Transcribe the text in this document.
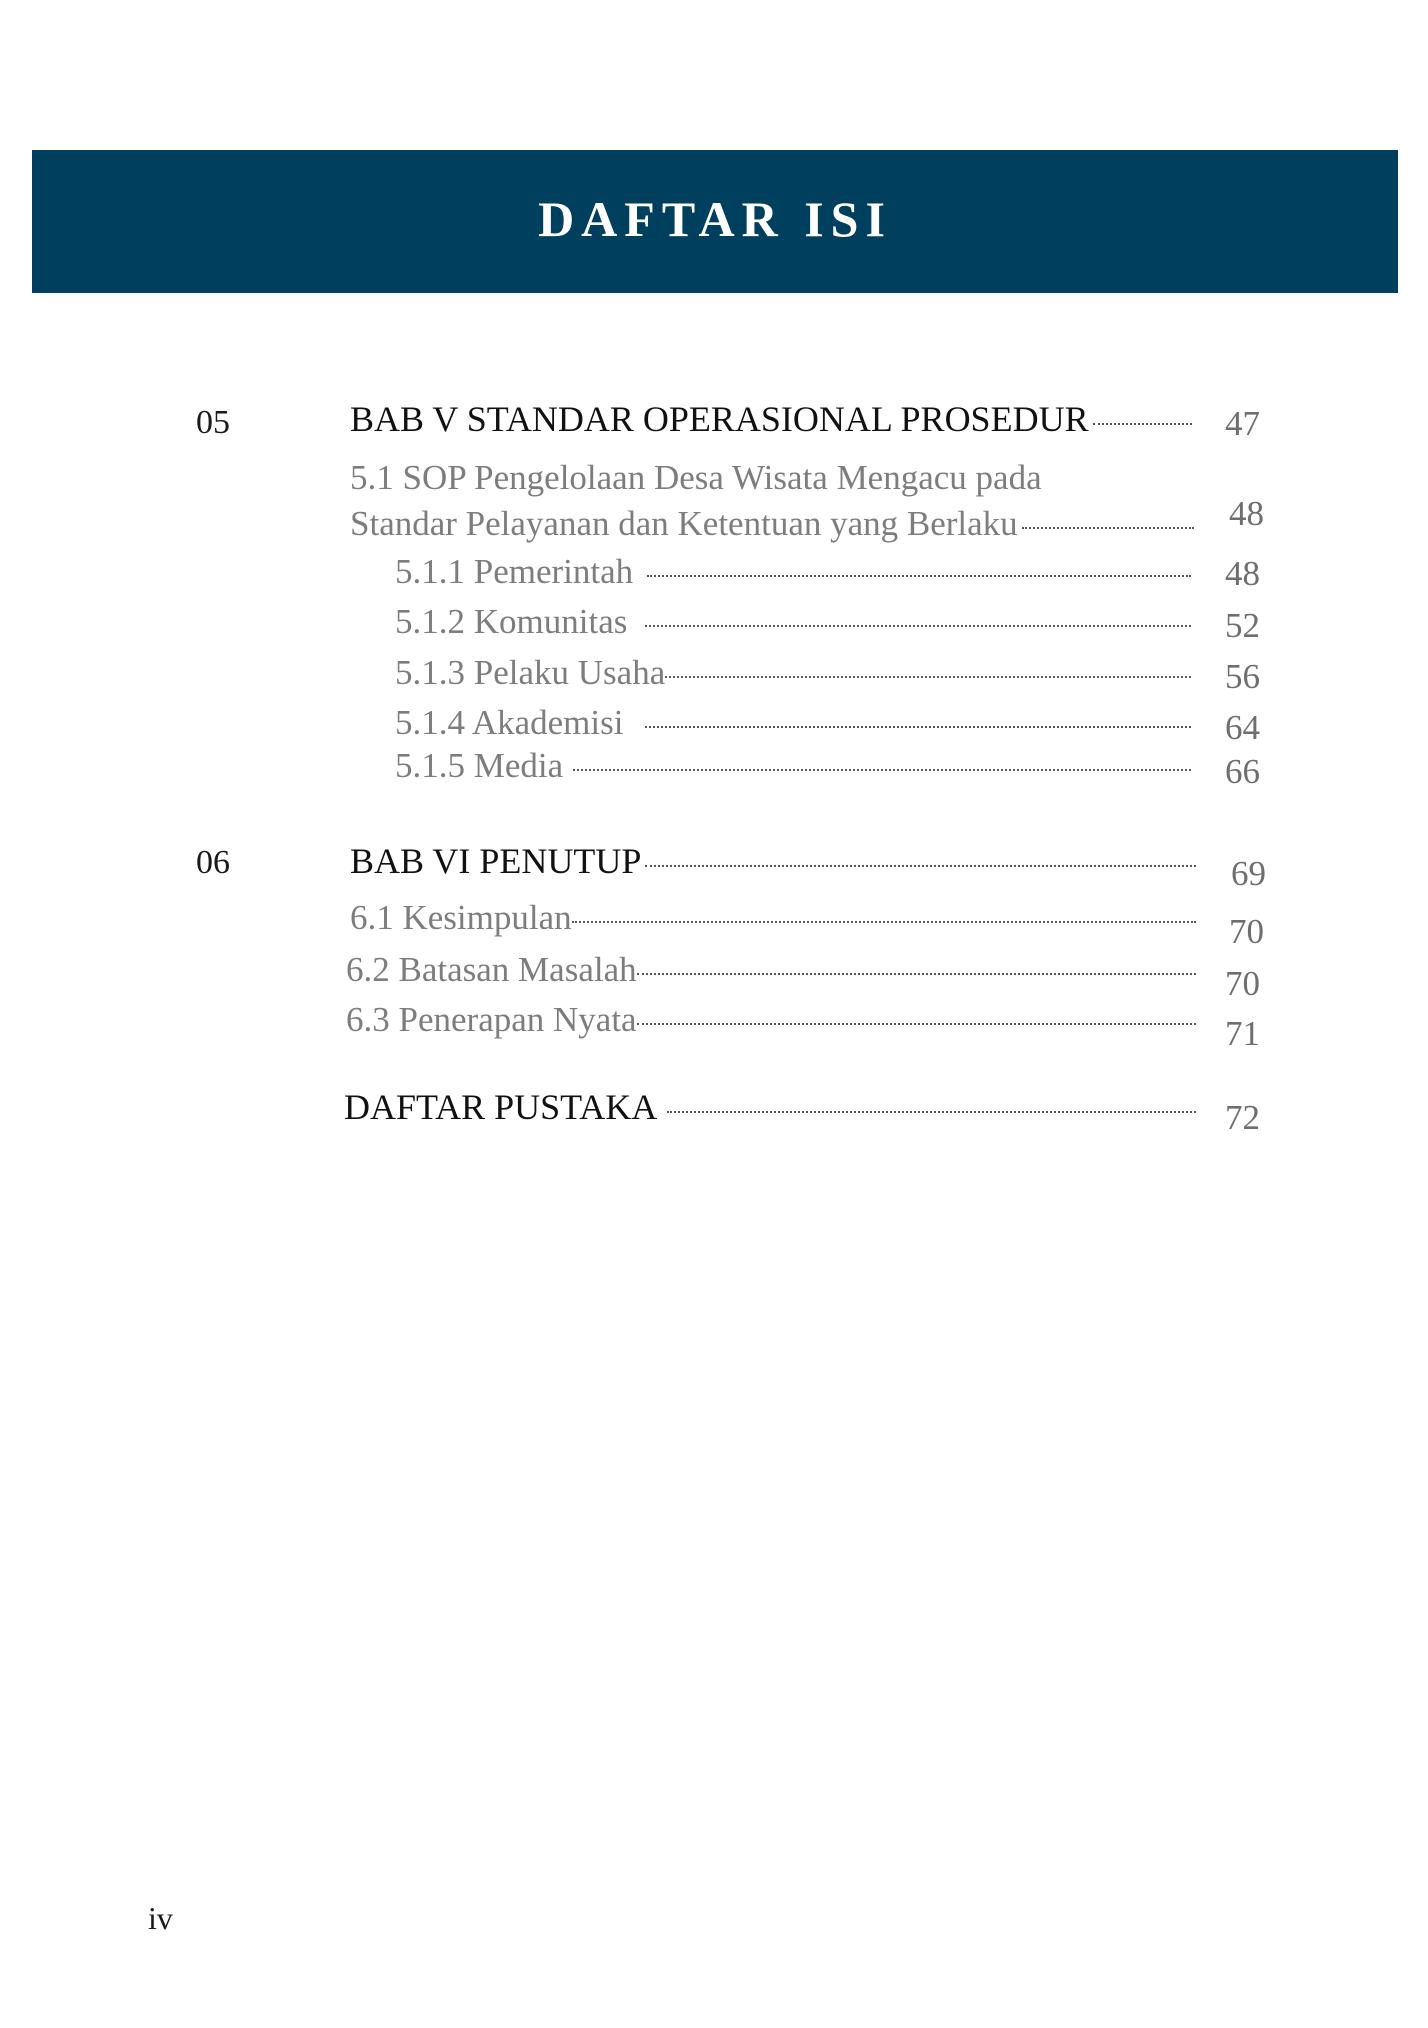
DAFTAR ISI
05	BAB V STANDAR OPERASIONAL PROSEDUR	47
5.1 SOP Pengelolaan Desa Wisata Mengacu pada
Standar Pelayanan dan Ketentuan yang Berlaku	48
5.1.1 Pemerintah	48
5.1.2 Komunitas	52
5.1.3 Pelaku Usaha	56
5.1.4 Akademisi	64
5.1.5 Media	66
06	BAB VI PENUTUP	69
6.1 Kesimpulan	70
6.2 Batasan Masalah	70
6.3 Penerapan Nyata	71
DAFTAR PUSTAKA	72
iv
